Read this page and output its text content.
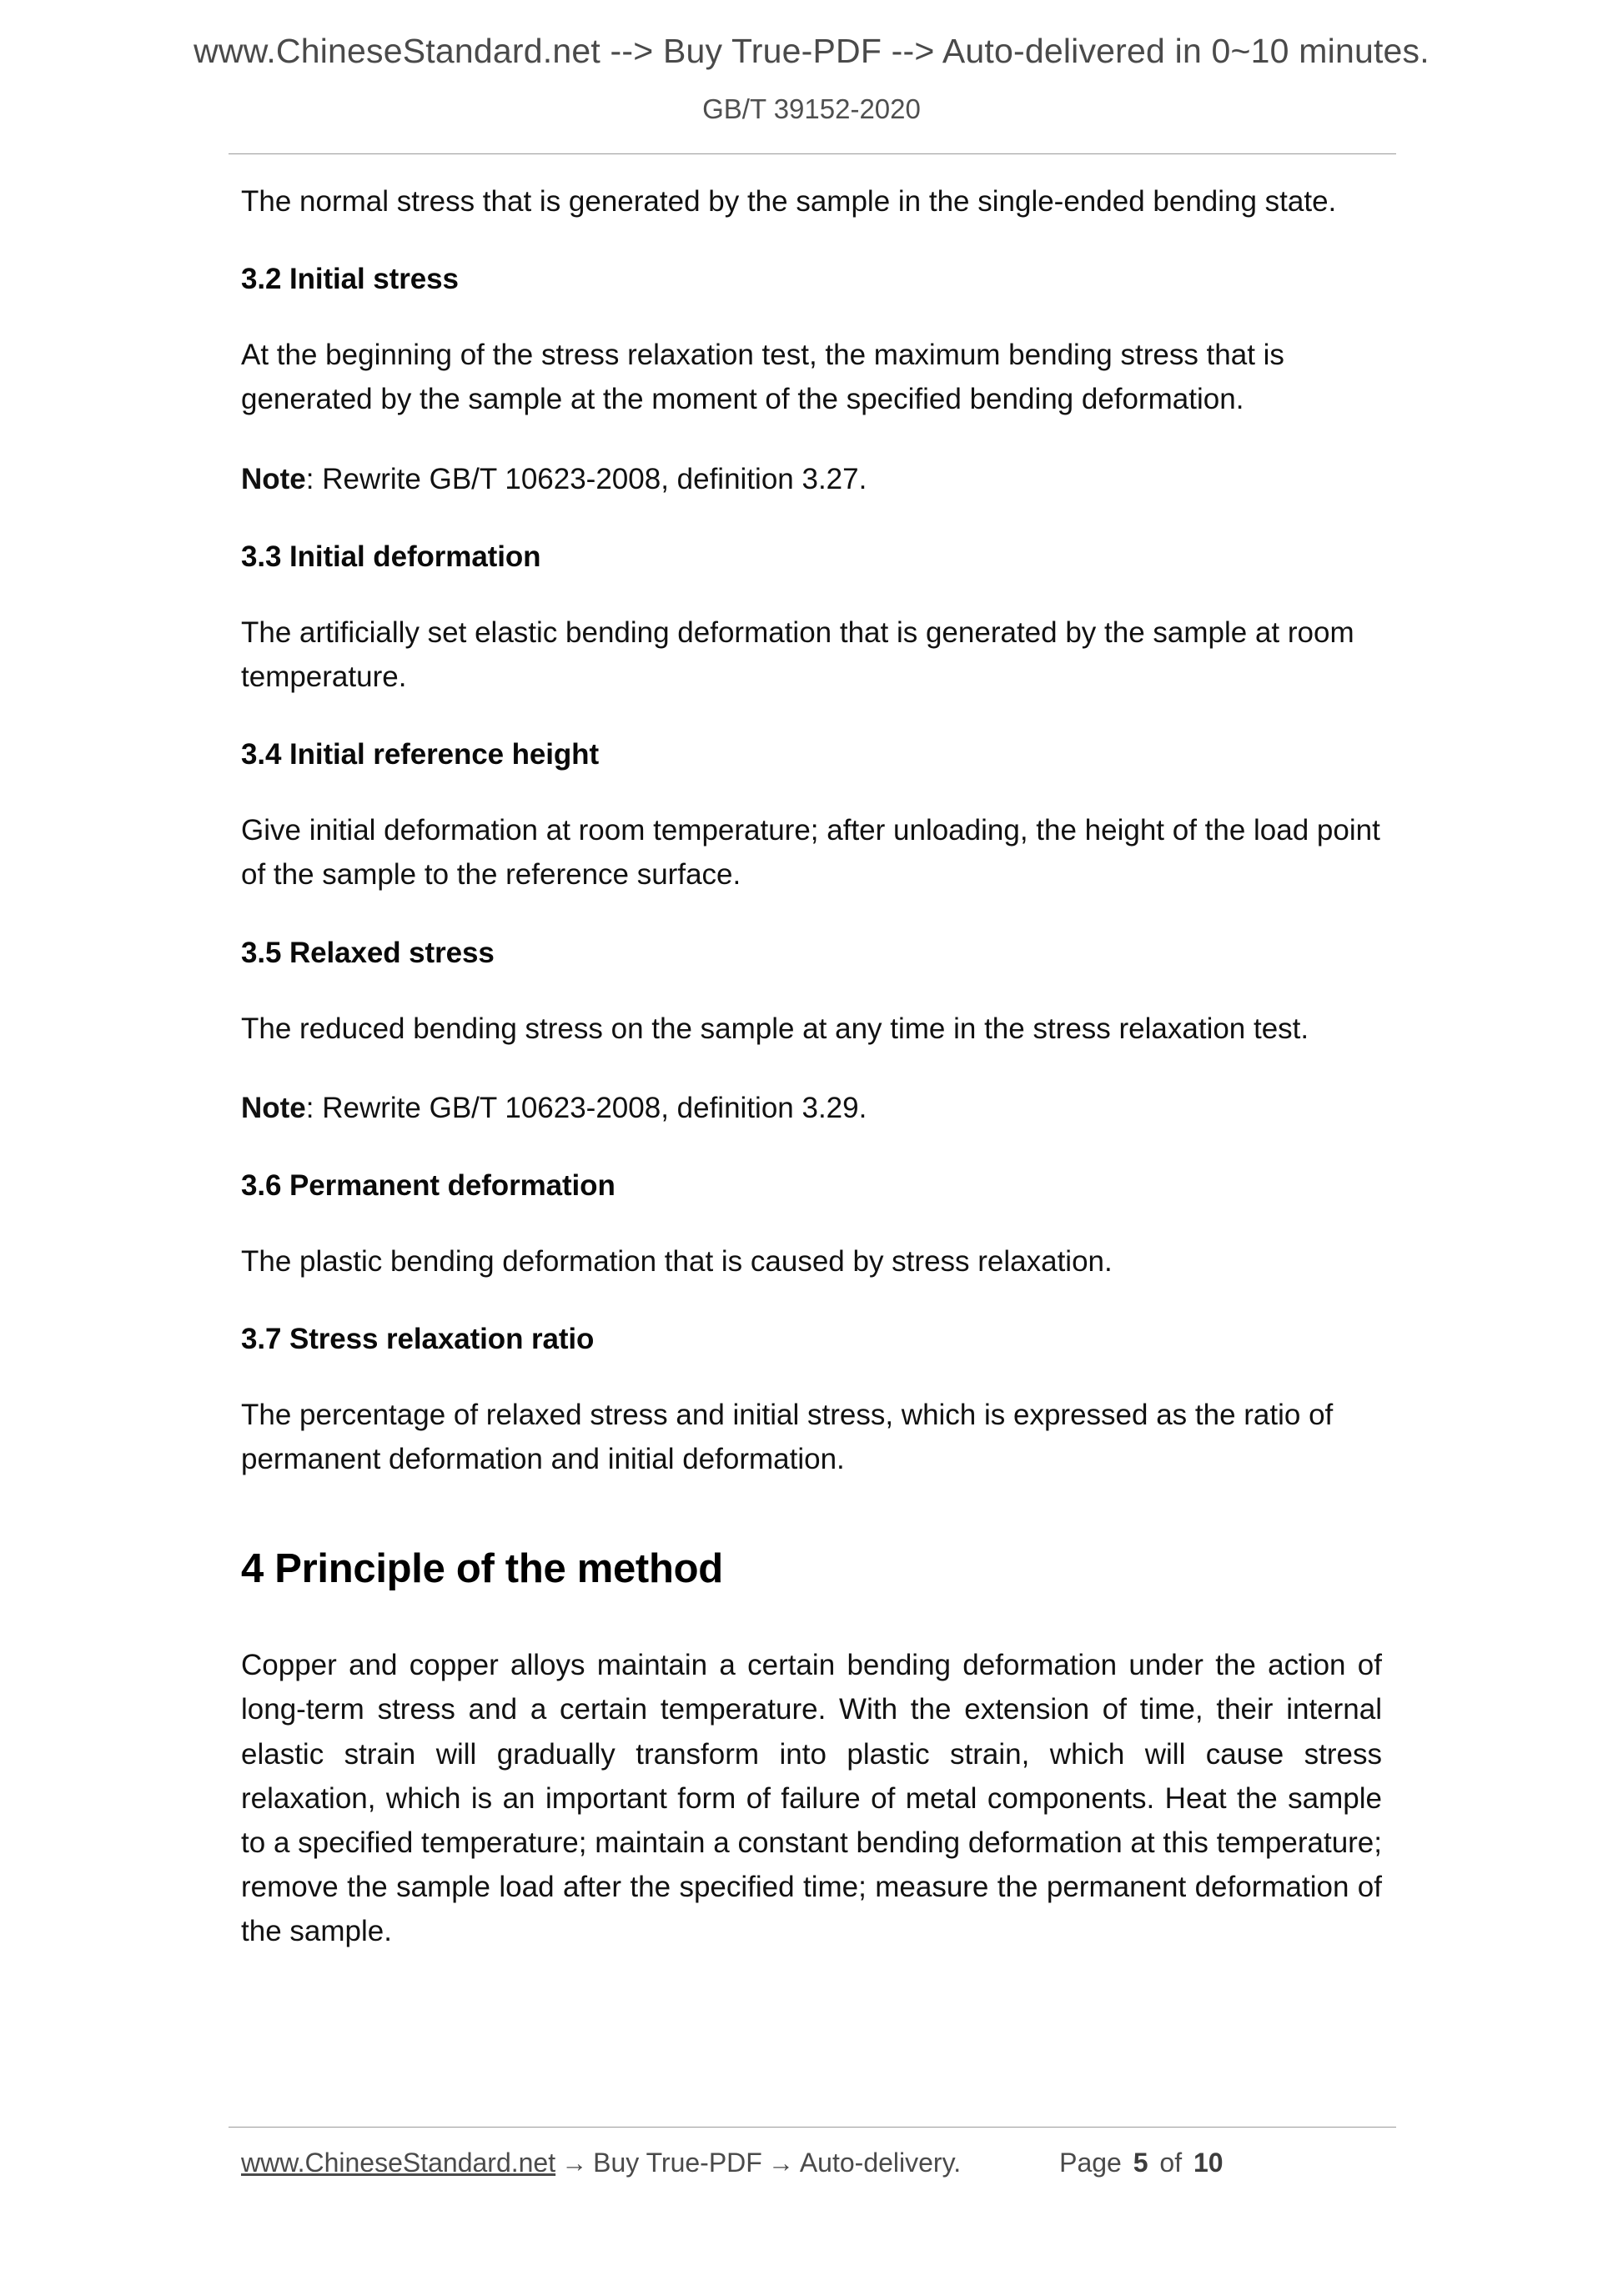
www.ChineseStandard.net --> Buy True-PDF --> Auto-delivered in 0~10 minutes.
GB/T 39152-2020

The normal stress that is generated by the sample in the single-ended bending state.

3.2 Initial stress

At the beginning of the stress relaxation test, the maximum bending stress that is generated by the sample at the moment of the specified bending deformation.

Note: Rewrite GB/T 10623-2008, definition 3.27.

3.3 Initial deformation

The artificially set elastic bending deformation that is generated by the sample at room temperature.

3.4 Initial reference height

Give initial deformation at room temperature; after unloading, the height of the load point of the sample to the reference surface.

3.5 Relaxed stress

The reduced bending stress on the sample at any time in the stress relaxation test.

Note: Rewrite GB/T 10623-2008, definition 3.29.

3.6 Permanent deformation

The plastic bending deformation that is caused by stress relaxation.

3.7 Stress relaxation ratio

The percentage of relaxed stress and initial stress, which is expressed as the ratio of permanent deformation and initial deformation.

4 Principle of the method

Copper and copper alloys maintain a certain bending deformation under the action of long-term stress and a certain temperature. With the extension of time, their internal elastic strain will gradually transform into plastic strain, which will cause stress relaxation, which is an important form of failure of metal components. Heat the sample to a specified temperature; maintain a constant bending deformation at this temperature; remove the sample load after the specified time; measure the permanent deformation of the sample.

www.ChineseStandard.net → Buy True-PDF → Auto-delivery.	Page 5 of 10
